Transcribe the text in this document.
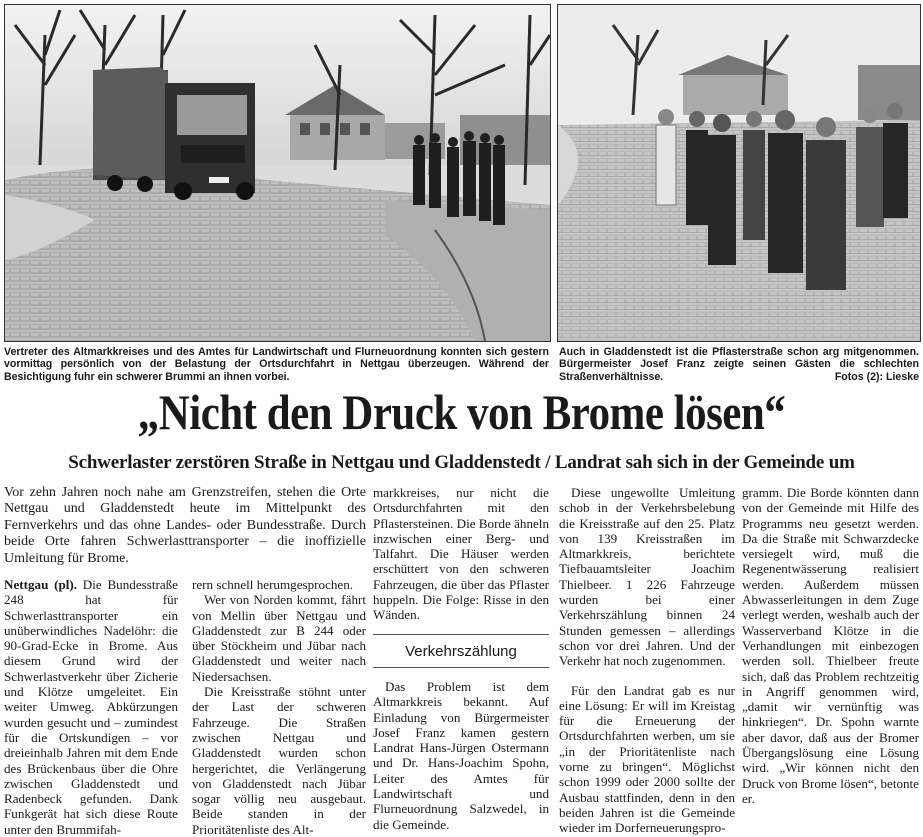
Vertreter des Altmarkkreises und des Amtes für Landwirtschaft und Flurneuordnung konnten sich gestern vormittag persönlich von der Belastung der Ortsdurchfahrt in Nettgau überzeugen. Während der Besichtigung fuhr ein schwerer Brummi an ihnen vorbei.

Auch in Gladdenstedt ist die Pflasterstraße schon arg mitgenommen. Bürgermeister Josef Franz zeigte seinen Gästen die schlechten Straßenverhältnisse.	Fotos (2): Lieske

„Nicht den Druck von Brome lösen“
Schwerlaster zerstören Straße in Nettgau und Gladdenstedt / Landrat sah sich in der Gemeinde um

Vor zehn Jahren noch nahe am Grenzstreifen, stehen die Orte Nettgau und Gladdenstedt heute im Mittelpunkt des Fernverkehrs und das ohne Landes- oder Bundesstraße. Durch beide Orte fahren Schwerlasttransporter – die inoffizielle Umleitung für Brome.

Nettgau (pl). Die Bundesstraße 248 hat für Schwerlasttransporter ein unüberwindliches Nadelöhr: die 90-Grad-Ecke in Brome. Aus diesem Grund wird der Schwerlastverkehr über Zicherie und Klötze umgeleitet. Ein weiter Umweg. Abkürzungen wurden gesucht und – zumindest für die Ortskundigen – vor dreieinhalb Jahren mit dem Ende des Brückenbaus über die Ohre zwischen Gladdenstedt und Radenbeck gefunden. Dank Funkgerät hat sich diese Route unter den Brummifah-

rern schnell herumgesprochen.

Wer von Norden kommt, fährt von Mellin über Nettgau und Gladdenstedt zur B 244 oder über Stöckheim und Jübar nach Gladdenstedt und weiter nach Niedersachsen.

Die Kreisstraße stöhnt unter der Last der schweren Fahrzeuge. Die Straßen zwischen Nettgau und Gladdenstedt wurden schon hergerichtet, die Verlängerung von Gladdenstedt nach Jübar sogar völlig neu ausgebaut. Beide standen in der Prioritätenliste des Alt-

markkreises, nur nicht die Ortsdurchfahrten mit den Pflastersteinen. Die Borde ähneln inzwischen einer Berg- und Talfahrt. Die Häuser werden erschüttert von den schweren Fahrzeugen, die über das Pflaster huppeln. Die Folge: Risse in den Wänden.

Verkehrszählung

Das Problem ist dem Altmarkkreis bekannt. Auf Einladung von Bürgermeister Josef Franz kamen gestern Landrat Hans-Jürgen Ostermann und Dr. Hans-Joachim Spohn, Leiter des Amtes für Landwirtschaft und Flurneuordnung Salzwedel, in die Gemeinde.

Diese ungewollte Umleitung schob in der Verkehrsbelebung die Kreisstraße auf den 25. Platz von 139 Kreisstraßen im Altmarkkreis, berichtete Tiefbauamtsleiter Joachim Thielbeer. 1 226 Fahrzeuge wurden bei einer Verkehrszählung binnen 24 Stunden gemessen – allerdings schon vor drei Jahren. Und der Verkehr hat noch zugenommen.

Für den Landrat gab es nur eine Lösung: Er will im Kreistag für die Erneuerung der Ortsdurchfahrten werben, um sie „in der Prioritätenliste nach vorne zu bringen“. Möglichst schon 1999 oder 2000 sollte der Ausbau stattfinden, denn in den beiden Jahren ist die Gemeinde wieder im Dorferneuerungspro-

gramm. Die Borde könnten dann von der Gemeinde mit Hilfe des Programms neu gesetzt werden. Da die Straße mit Schwarzdecke versiegelt wird, muß die Regenentwässerung realisiert werden. Außerdem müssen Abwasserleitungen in dem Zuge verlegt werden, weshalb auch der Wasserverband Klötze in die Verhandlungen mit einbezogen werden soll. Thielbeer freute sich, daß das Problem rechtzeitig in Angriff genommen wird, „damit wir vernünftig was hinkriegen“. Dr. Spohn warnte aber davor, daß aus der Bromer Übergangslösung eine Lösung wird. „Wir können nicht den Druck von Brome lösen“, betonte er.
